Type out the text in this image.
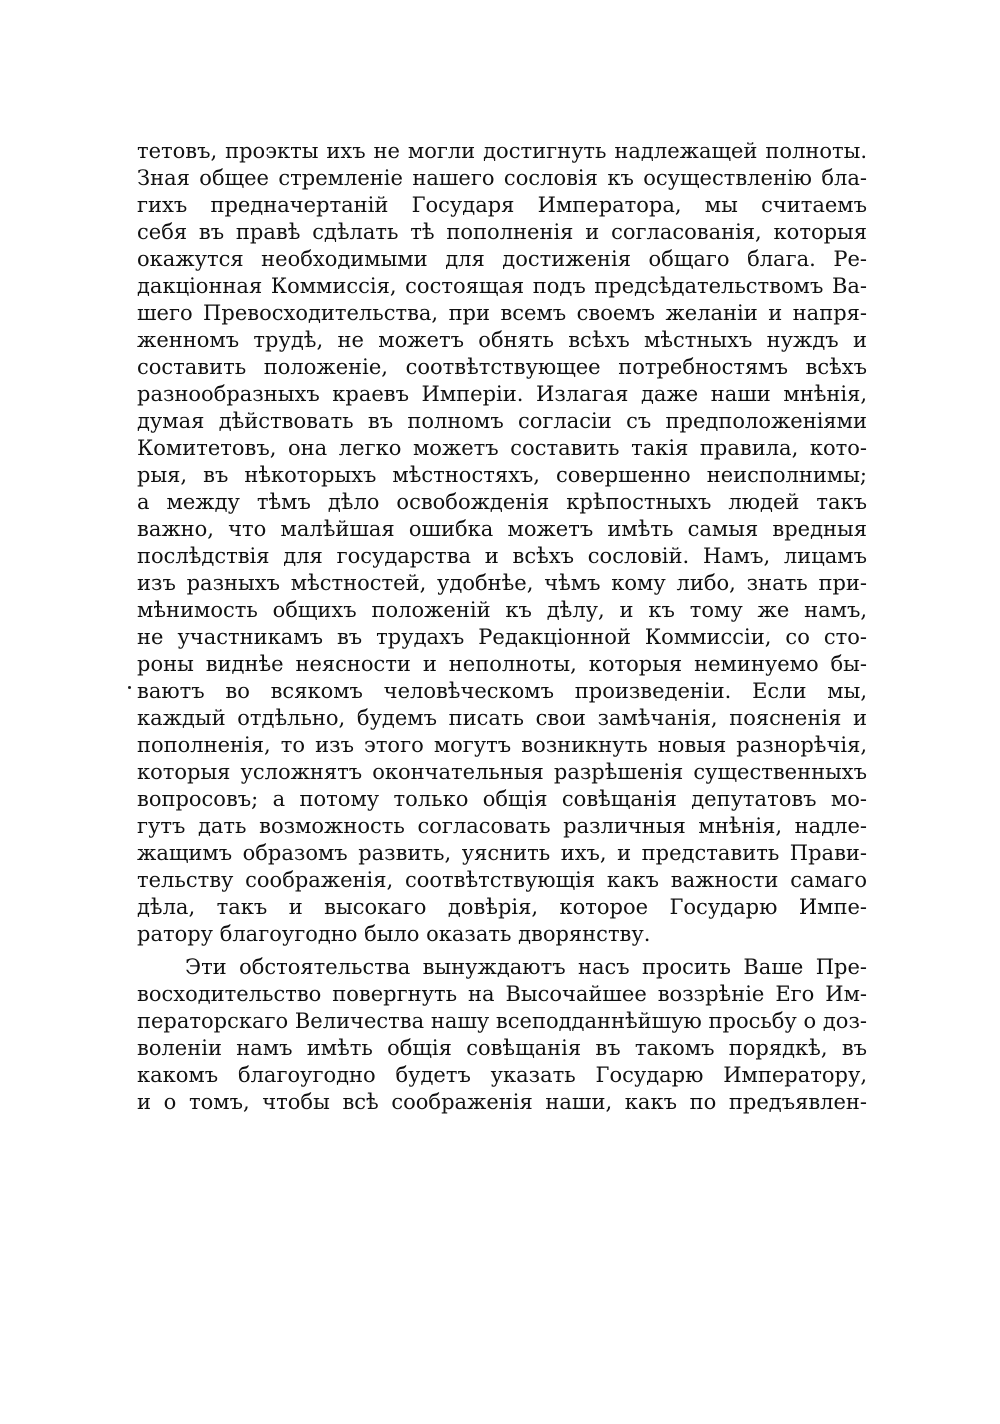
тетовъ, проэкты ихъ не могли достигнуть надлежащей полноты.
Зная общее стремленіе нашего сословія къ осуществленію бла-
гихъ предначертаній Государя Императора, мы считаемъ
себя въ правѣ сдѣлать тѣ пополненія и согласованія, которыя
окажутся необходимыми для достиженія общаго блага. Ре-
дакціонная Коммиссія, состоящая подъ предсѣдательствомъ Ва-
шего Превосходительства, при всемъ своемъ желаніи и напря-
женномъ трудѣ, не можетъ обнять всѣхъ мѣстныхъ нуждъ и
составить положеніе, соотвѣтствующее потребностямъ всѣхъ
разнообразныхъ краевъ Имперіи. Излагая даже наши мнѣнія,
думая дѣйствовать въ полномъ согласіи съ предположеніями
Комитетовъ, она легко можетъ составить такія правила, кото-
рыя, въ нѣкоторыхъ мѣстностяхъ, совершенно неисполнимы;
а между тѣмъ дѣло освобожденія крѣпостныхъ людей такъ
важно, что малѣйшая ошибка можетъ имѣть самыя вредныя
послѣдствія для государства и всѣхъ сословій. Намъ, лицамъ
изъ разныхъ мѣстностей, удобнѣе, чѣмъ кому либо, знать при-
мѣнимость общихъ положеній къ дѣлу, и къ тому же намъ,
не участникамъ въ трудахъ Редакціонной Коммиссіи, со сто-
роны виднѣе неясности и неполноты, которыя неминуемо бы-
ваютъ во всякомъ человѣческомъ произведеніи. Если мы,
каждый отдѣльно, будемъ писать свои замѣчанія, поясненія и
пополненія, то изъ этого могутъ возникнуть новыя разнорѣчія,
которыя усложнятъ окончательныя разрѣшенія существенныхъ
вопросовъ; а потому только общія совѣщанія депутатовъ мо-
гутъ дать возможность согласовать различныя мнѣнія, надле-
жащимъ образомъ развить, уяснить ихъ, и представить Прави-
тельству соображенія, соотвѣтствующія какъ важности самаго
дѣла, такъ и высокаго довѣрія, которое Государю Импе-
ратору благоугодно было оказать дворянству.
Эти обстоятельства вынуждаютъ насъ просить Ваше Пре-
восходительство повергнуть на Высочайшее воззрѣніе Его Им-
ператорскаго Величества нашу всеподданнѣйшую просьбу о доз-
воленіи намъ имѣть общія совѣщанія въ такомъ порядкѣ, въ
какомъ благоугодно будетъ указать Государю Императору,
и о томъ, чтобы всѣ соображенія наши, какъ по предъявлен-
